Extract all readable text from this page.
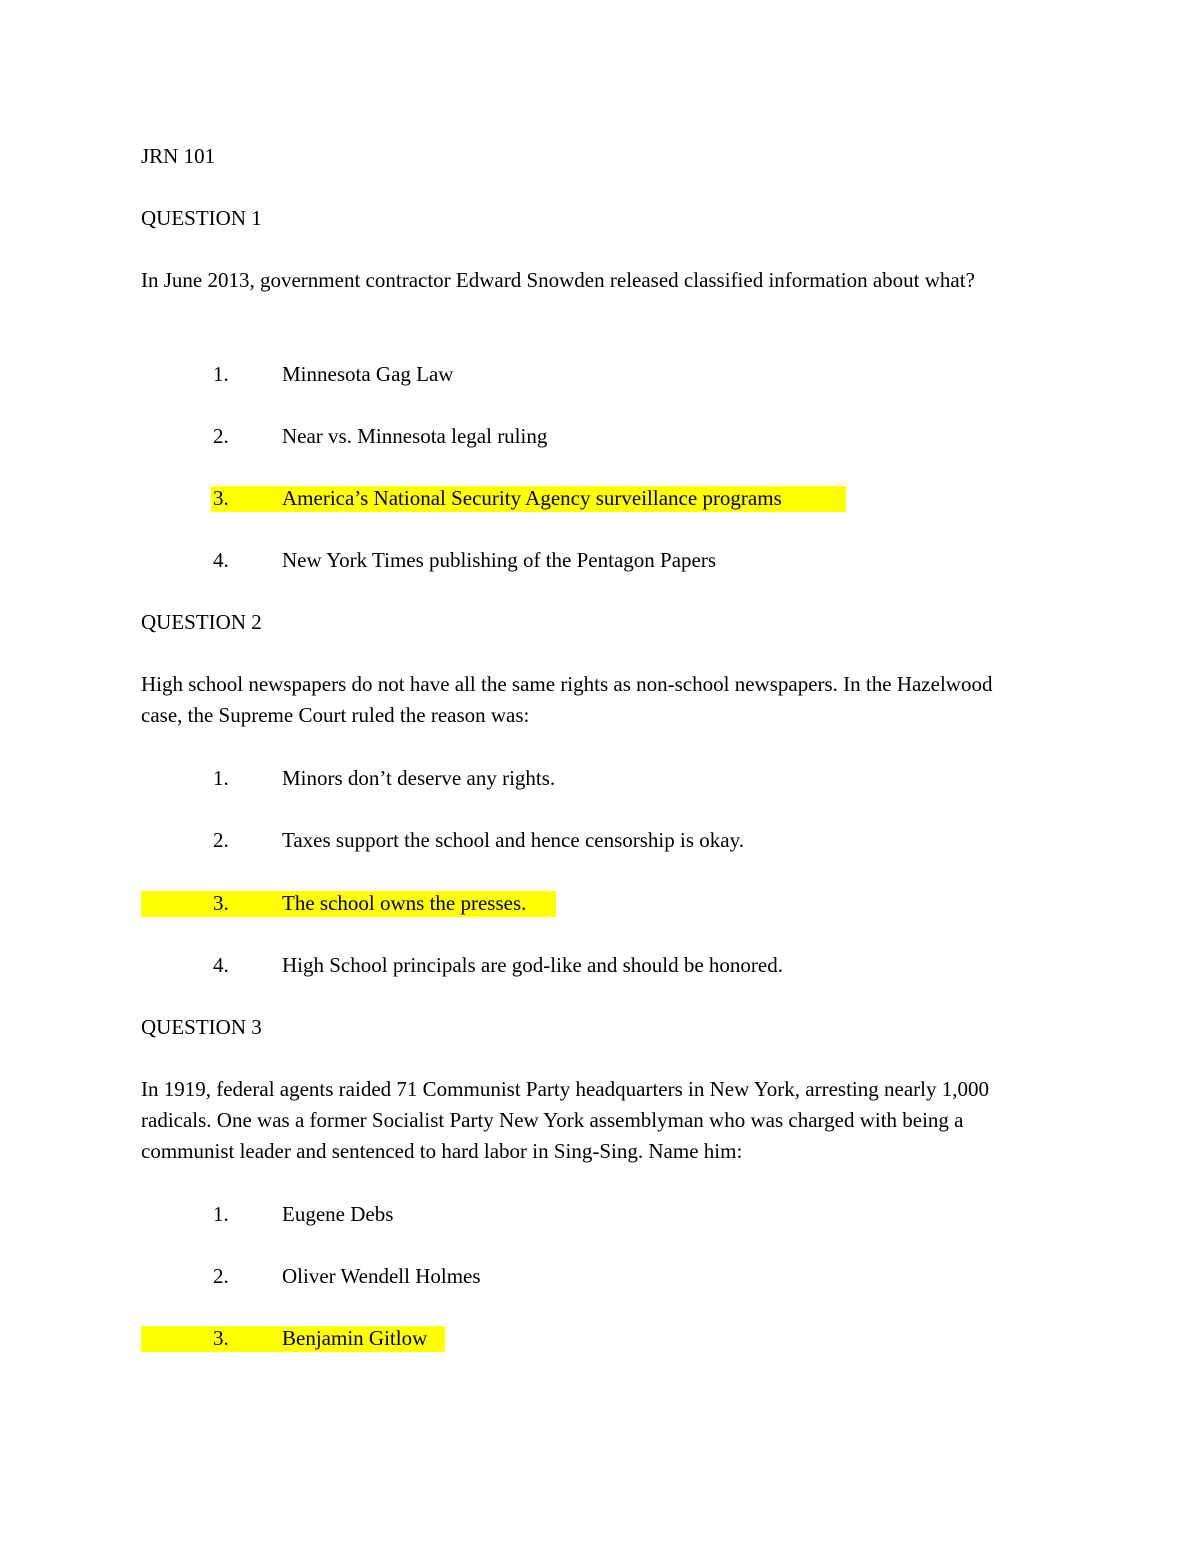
JRN 101
QUESTION 1
In June 2013, government contractor Edward Snowden released classified information about what?
1.	Minnesota Gag Law
2.	Near vs. Minnesota legal ruling
3.	America’s National Security Agency surveillance programs
4.	New York Times publishing of the Pentagon Papers
QUESTION 2
High school newspapers do not have all the same rights as non-school newspapers. In the Hazelwood case, the Supreme Court ruled the reason was:
1.	Minors don’t deserve any rights.
2.	Taxes support the school and hence censorship is okay.
3.	The school owns the presses.
4.	High School principals are god-like and should be honored.
QUESTION 3
In 1919, federal agents raided 71 Communist Party headquarters in New York, arresting nearly 1,000 radicals. One was a former Socialist Party New York assemblyman who was charged with being a communist leader and sentenced to hard labor in Sing-Sing. Name him:
1.	Eugene Debs
2.	Oliver Wendell Holmes
3.	Benjamin Gitlow
